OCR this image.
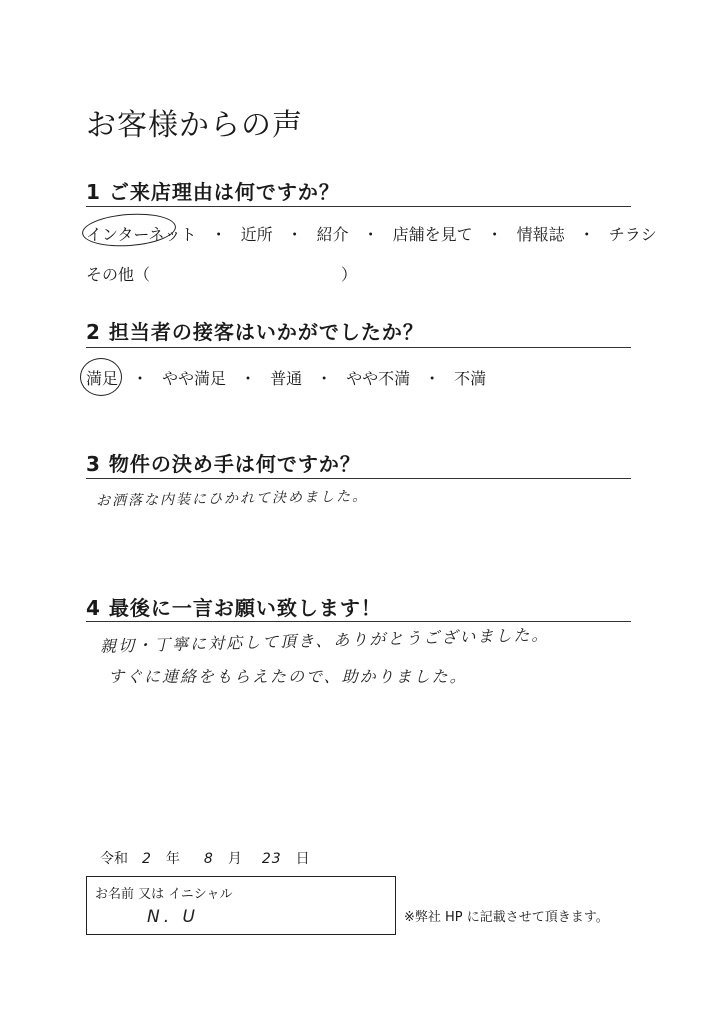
お客様からの声
1 ご来店理由は何ですか？
インターネット ・ 近所 ・ 紹介 ・ 店舗を見て ・ 情報誌 ・ チラシ
その他（	）
2 担当者の接客はいかがでしたか？
満足 ・ やや満足 ・ 普通 ・ やや不満 ・ 不満
3 物件の決め手は何ですか？
お洒落な内装にひかれて決めました。
4 最後に一言お願い致します！
親切・丁寧に対応して頂き、ありがとうございました。
すぐに連絡をもらえたので、助かりました。
令和 2 年 8 月 23 日
お名前 又は イニシャル
N. U	※弊社 HP に記載させて頂きます。
